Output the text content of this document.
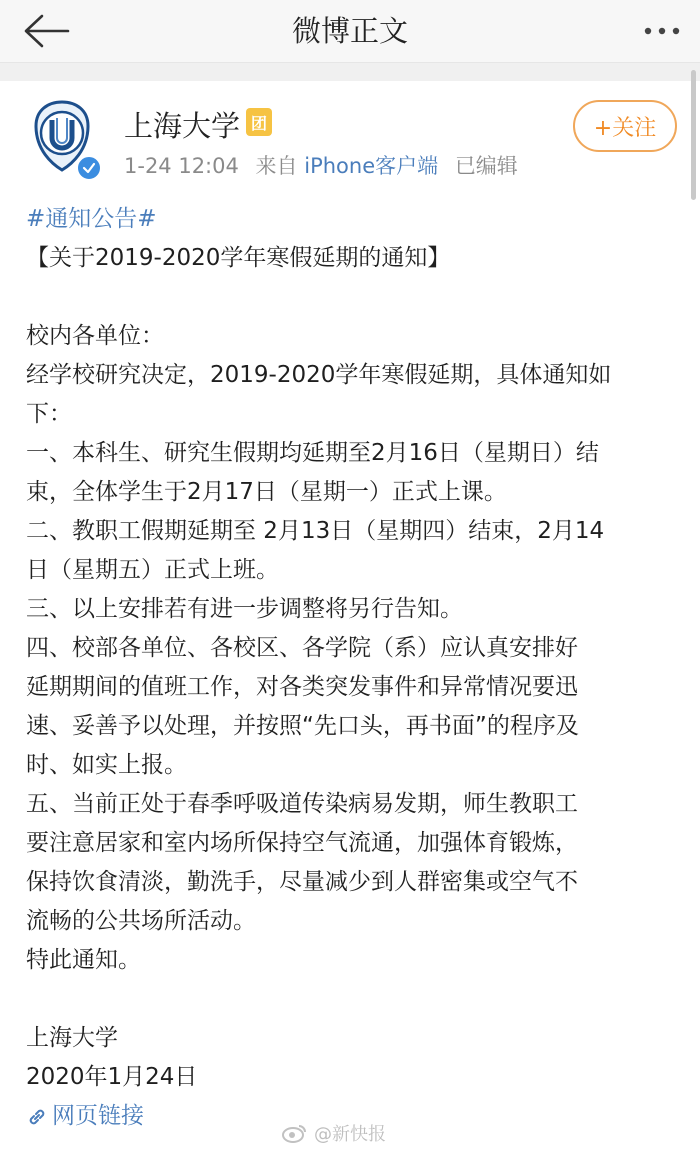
微博正文
上海大学 团
1-24 12:04 来自 iPhone客户端 已编辑
+关注

#通知公告#

【关于2019-2020学年寒假延期的通知】

校内各单位：

经学校研究决定，2019-2020学年寒假延期，具体通知如

下：

一、本科生、研究生假期均延期至2月16日（星期日）结

束，全体学生于2月17日（星期一）正式上课。

二、教职工假期延期至 2月13日（星期四）结束，2月14

日（星期五）正式上班。

三、以上安排若有进一步调整将另行告知。

四、校部各单位、各校区、各学院（系）应认真安排好

延期期间的值班工作，对各类突发事件和异常情况要迅

速、妥善予以处理，并按照“先口头，再书面”的程序及

时、如实上报。

五、当前正处于春季呼吸道传染病易发期，师生教职工

要注意居家和室内场所保持空气流通，加强体育锻炼，

保持饮食清淡，勤洗手，尽量减少到人群密集或空气不

流畅的公共场所活动。

特此通知。

上海大学

2020年1月24日

网页链接
@新快报
